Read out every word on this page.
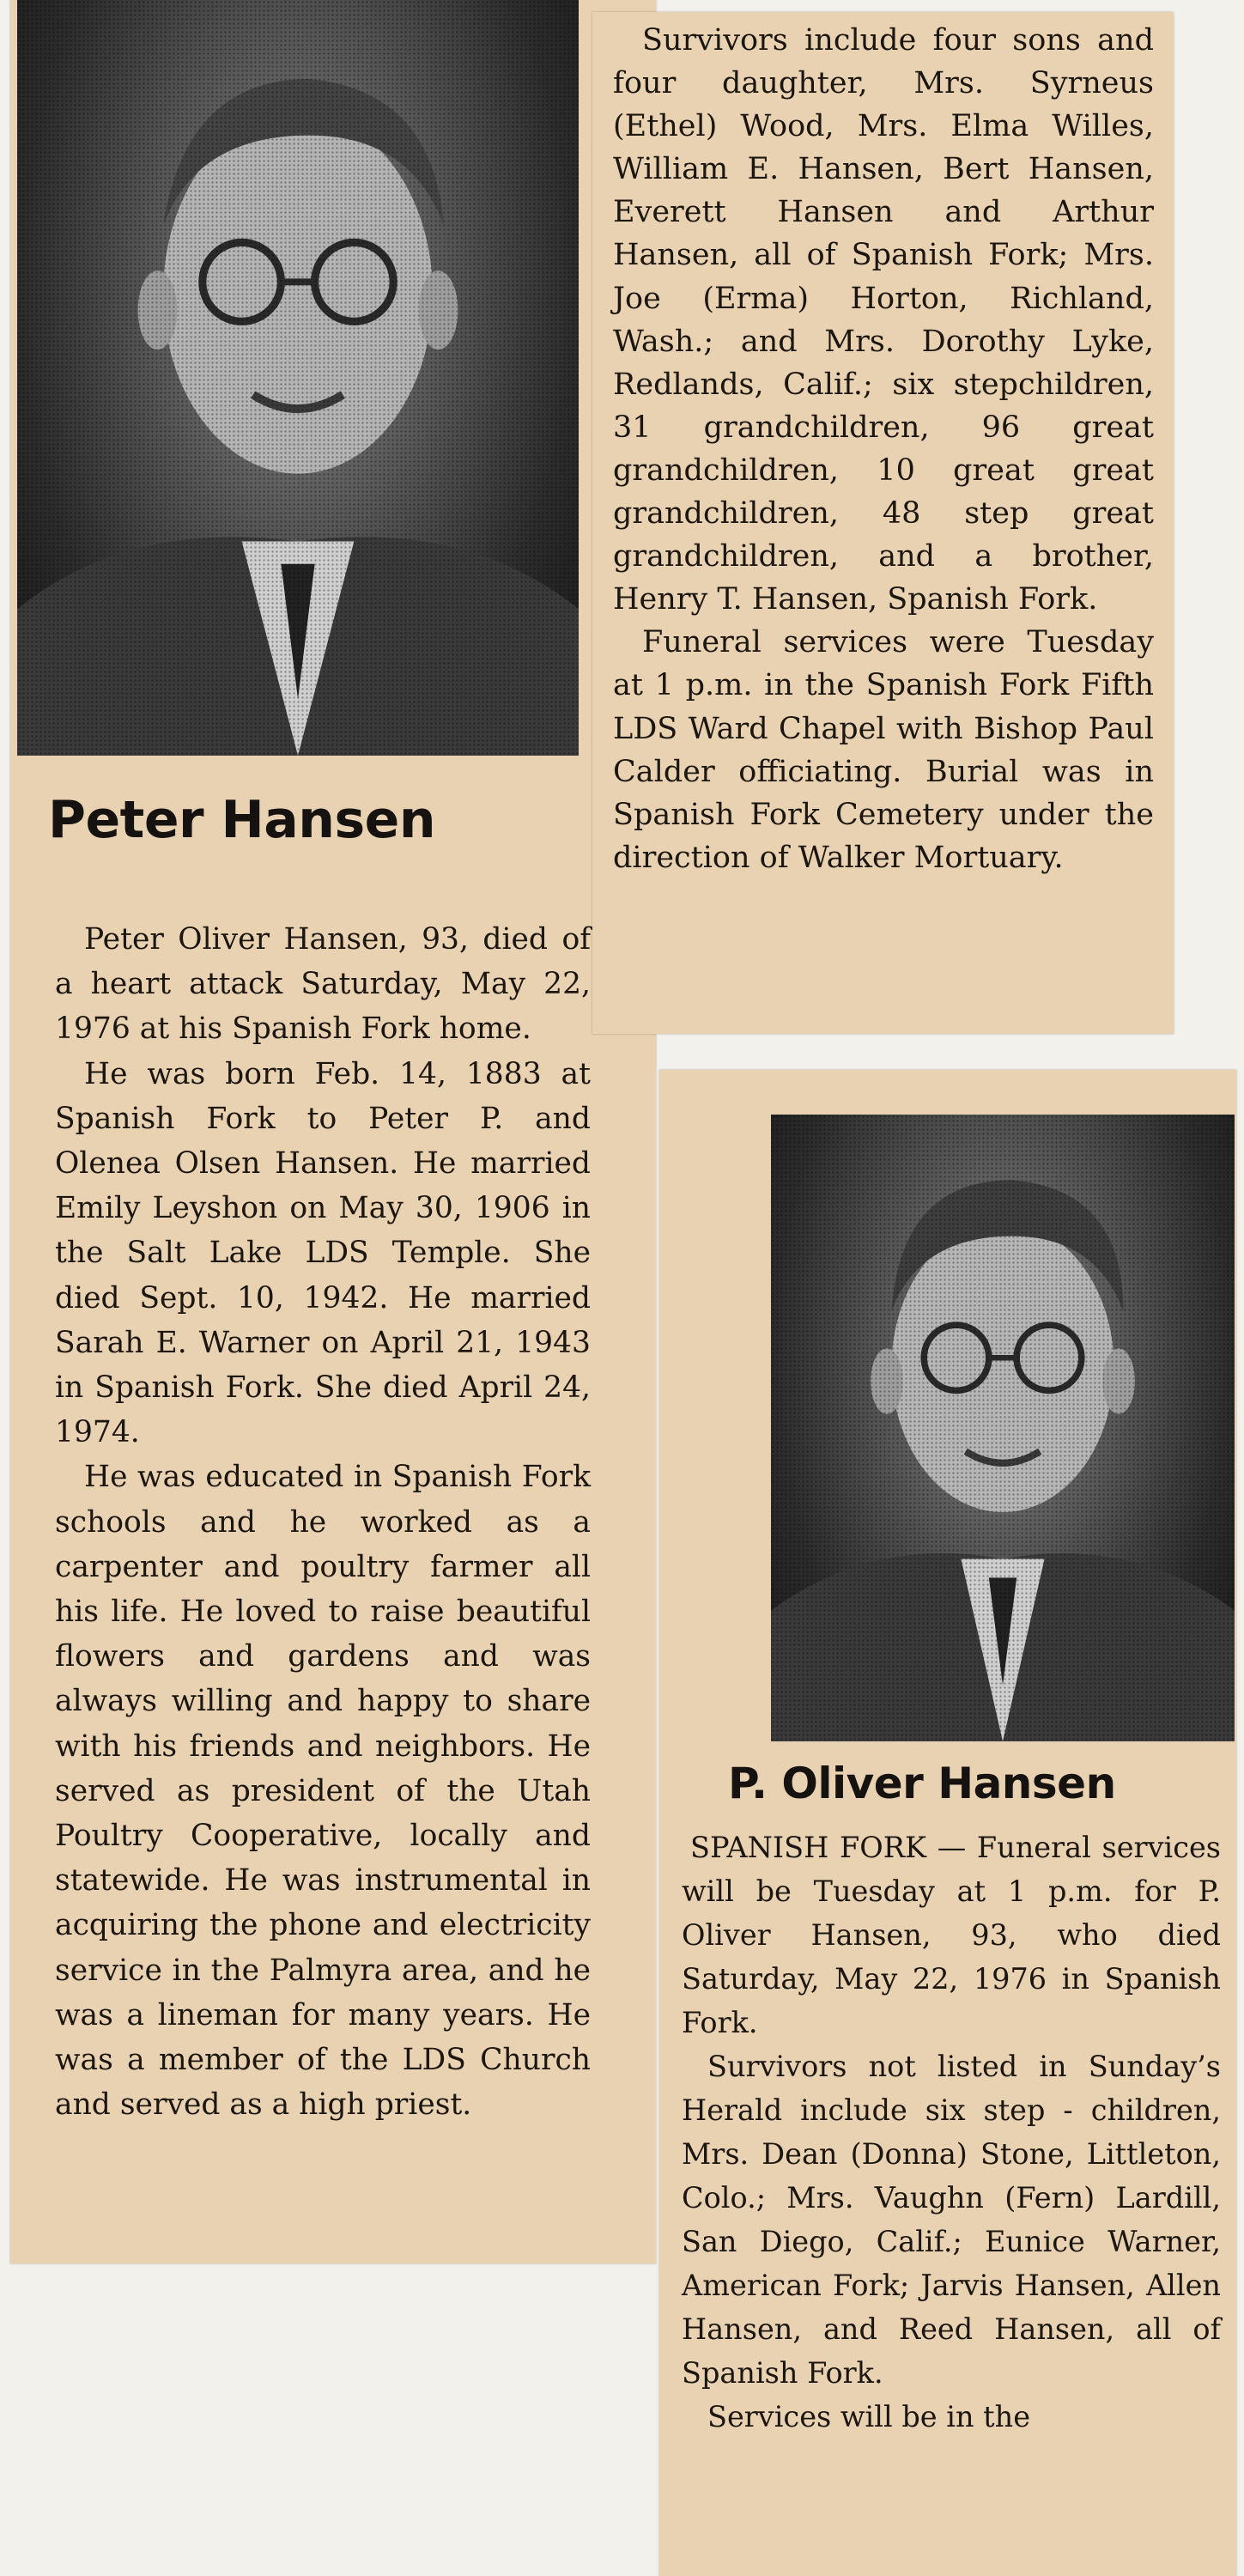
Peter Hansen

Peter Oliver Hansen, 93, died of a heart attack Saturday, May 22, 1976 at his Spanish Fork home.

He was born Feb. 14, 1883 at Spanish Fork to Peter P. and Olenea Olsen Hansen. He married Emily Leyshon on May 30, 1906 in the Salt Lake LDS Temple. She died Sept. 10, 1942. He married Sarah E. Warner on April 21, 1943 in Spanish Fork. She died April 24, 1974.

He was educated in Spanish Fork schools and he worked as a carpenter and poultry farmer all his life. He loved to raise beautiful flowers and gardens and was always willing and happy to share with his friends and neighbors. He served as president of the Utah Poultry Cooperative, locally and statewide. He was instrumental in acquiring the phone and electricity service in the Palmyra area, and he was a lineman for many years. He was a member of the LDS Church and served as a high priest.

Survivors include four sons and four daughter, Mrs. Syrneus (Ethel) Wood, Mrs. Elma Willes, William E. Hansen, Bert Hansen, Everett Hansen and Arthur Hansen, all of Spanish Fork; Mrs. Joe (Erma) Horton, Richland, Wash.; and Mrs. Dorothy Lyke, Redlands, Calif.; six stepchildren, 31 grandchildren, 96 great grandchildren, 10 great great grandchildren, 48 step great grandchildren, and a brother, Henry T. Hansen, Spanish Fork.

Funeral services were Tuesday at 1 p.m. in the Spanish Fork Fifth LDS Ward Chapel with Bishop Paul Calder officiating. Burial was in Spanish Fork Cemetery under the direction of Walker Mortuary.

P. Oliver Hansen

SPANISH FORK — Funeral services will be Tuesday at 1 p.m. for P. Oliver Hansen, 93, who died Saturday, May 22, 1976 in Spanish Fork.

Survivors not listed in Sunday’s Herald include six step - children, Mrs. Dean (Donna) Stone, Littleton, Colo.; Mrs. Vaughn (Fern) Lardill, San Diego, Calif.; Eunice Warner, American Fork; Jarvis Hansen, Allen Hansen, and Reed Hansen, all of Spanish Fork.

Services will be in the
